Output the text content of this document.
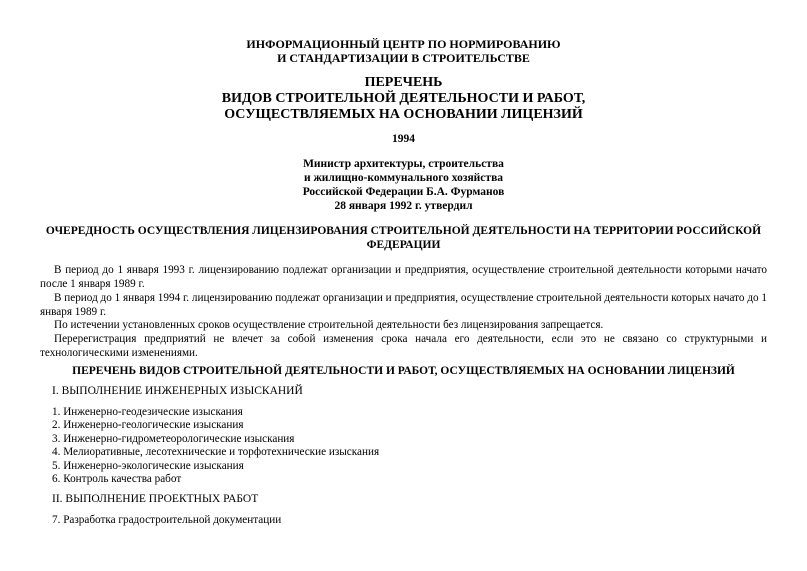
ИНФОРМАЦИОННЫЙ ЦЕНТР ПО НОРМИРОВАНИЮ
И СТАНДАРТИЗАЦИИ В СТРОИТЕЛЬСТВЕ
ПЕРЕЧЕНЬ
ВИДОВ СТРОИТЕЛЬНОЙ ДЕЯТЕЛЬНОСТИ И РАБОТ,
ОСУЩЕСТВЛЯЕМЫХ НА ОСНОВАНИИ ЛИЦЕНЗИЙ
1994
Министр архитектуры, строительства
и жилищно-коммунального хозяйства
Российской Федерации Б.А. Фурманов
28 января 1992 г. утвердил
ОЧЕРЕДНОСТЬ ОСУЩЕСТВЛЕНИЯ ЛИЦЕНЗИРОВАНИЯ СТРОИТЕЛЬНОЙ ДЕЯТЕЛЬНОСТИ НА ТЕРРИТОРИИ РОССИЙСКОЙ ФЕДЕРАЦИИ
В период до 1 января 1993 г. лицензированию подлежат организации и предприятия, осуществление строительной деятельности которыми начато после 1 января 1989 г.
В период до 1 января 1994 г. лицензированию подлежат организации и предприятия, осуществление строительной деятельности которых начато до 1 января 1989 г.
По истечении установленных сроков осуществление строительной деятельности без лицензирования запрещается.
Перерегистрация предприятий не влечет за собой изменения срока начала его деятельности, если это не связано со структурными и технологическими изменениями.
ПЕРЕЧЕНЬ ВИДОВ СТРОИТЕЛЬНОЙ ДЕЯТЕЛЬНОСТИ И РАБОТ, ОСУЩЕСТВЛЯЕМЫХ НА ОСНОВАНИИ ЛИЦЕНЗИЙ
I. ВЫПОЛНЕНИЕ ИНЖЕНЕРНЫХ ИЗЫСКАНИЙ
1. Инженерно-геодезические изыскания
2. Инженерно-геологические изыскания
3. Инженерно-гидрометеорологические изыскания
4. Мелиоративные, лесотехнические и торфотехнические изыскания
5. Инженерно-экологические изыскания
6. Контроль качества работ
II. ВЫПОЛНЕНИЕ ПРОЕКТНЫХ РАБОТ
7. Разработка градостроительной документации
